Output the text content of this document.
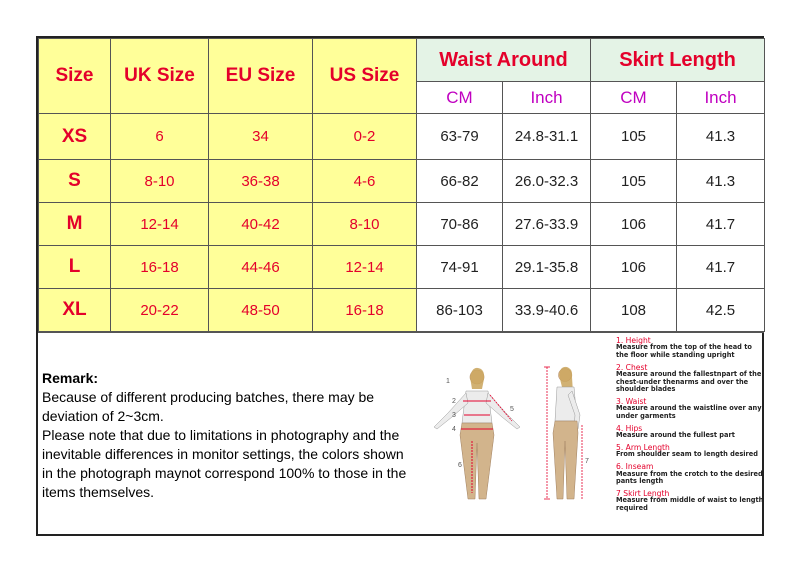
Size	UK Size	EU Size	US Size	Waist Around		Skirt Length	
				CM	Inch	CM	Inch
XS	6	34	0-2	63-79	24.8-31.1	105	41.3
S	8-10	36-38	4-6	66-82	26.0-32.3	105	41.3
M	12-14	40-42	8-10	70-86	27.6-33.9	106	41.7
L	16-18	44-46	12-14	74-91	29.1-35.8	106	41.7
XL	20-22	48-50	16-18	86-103	33.9-40.6	108	42.5

Remark:

Because of different producing batches, there may be deviation of 2~3cm.

Please note that due to limitations in photography and the inevitable differences in monitor settings, the colors shown in the photograph maynot correspond 100% to those in the items themselves.

1
2
3
4
5
6
7
1. Height
Measure from the top of the head to the floor while standing upright
2. Chest
Measure around the fallestnpart of the chest-under thenarms and over the shoulder blades
3. Waist
Measure around the waistline over any under garments
4. Hips
Measure around the fullest part
5. Arm Length
From shoulder seam to length desired
6. Inseam
Measure from the crotch to the desired pants length
7 Skirt Length
Measure from middle of waist to length required
